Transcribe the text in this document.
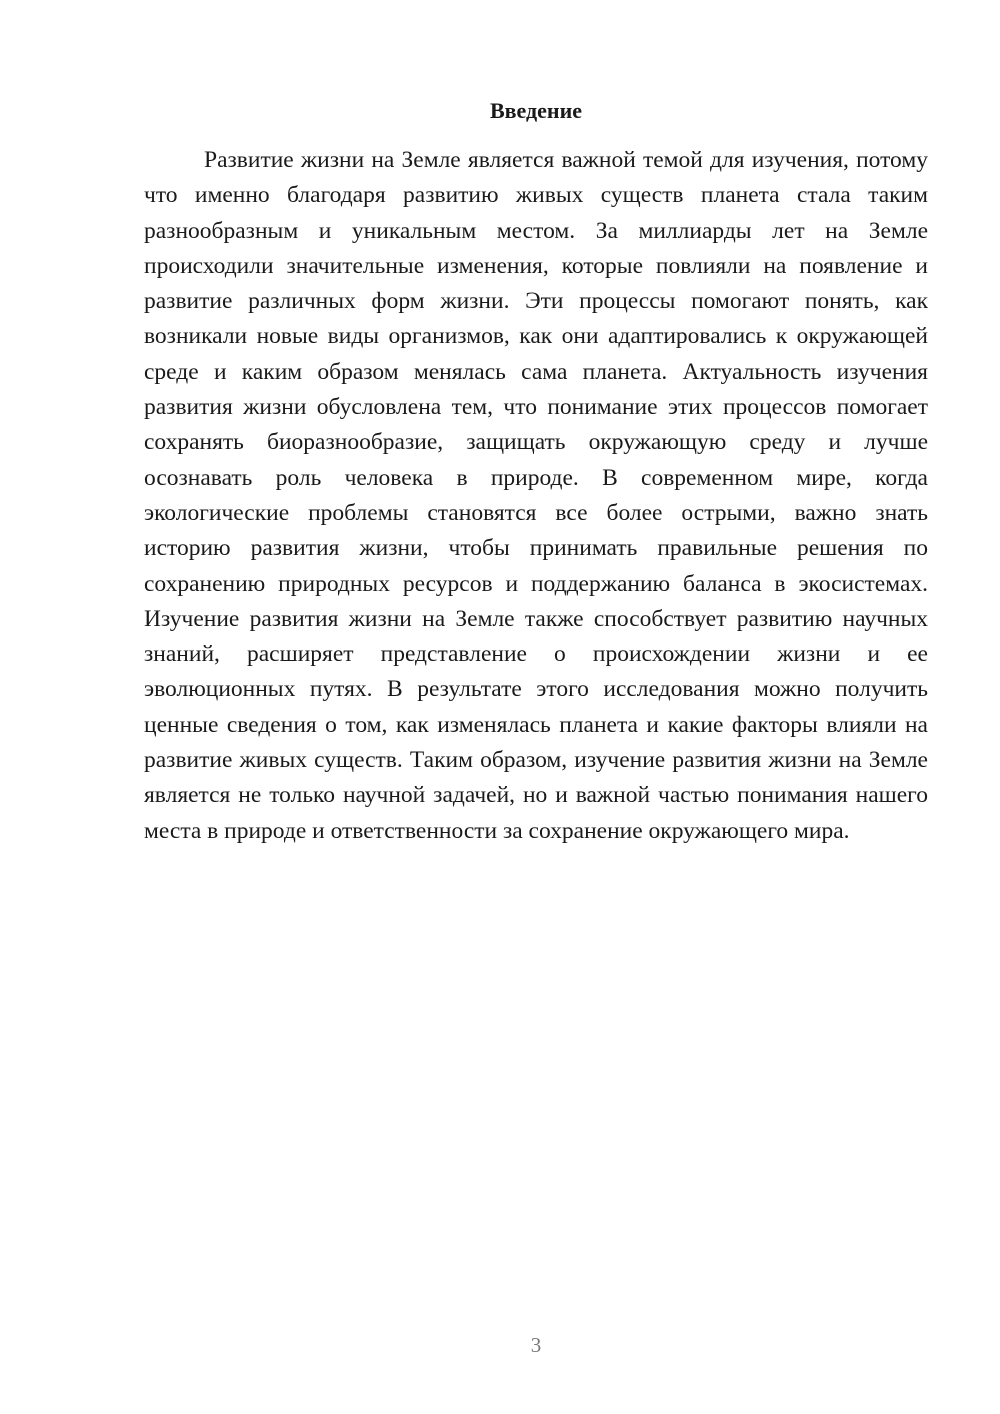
Введение

Развитие жизни на Земле является важной темой для изучения, потому что именно благодаря развитию живых существ планета стала таким разнообразным и уникальным местом. За миллиарды лет на Земле происходили значительные изменения, которые повлияли на появление и развитие различных форм жизни. Эти процессы помогают понять, как возникали новые виды организмов, как они адаптировались к окружающей среде и каким образом менялась сама планета. Актуальность изучения развития жизни обусловлена тем, что понимание этих процессов помогает сохранять биоразнообразие, защищать окружающую среду и лучше осознавать роль человека в природе. В современном мире, когда экологические проблемы становятся все более острыми, важно знать историю развития жизни, чтобы принимать правильные решения по сохранению природных ресурсов и поддержанию баланса в экосистемах. Изучение развития жизни на Земле также способствует развитию научных знаний, расширяет представление о происхождении жизни и ее эволюционных путях. В результате этого исследования можно получить ценные сведения о том, как изменялась планета и какие факторы влияли на развитие живых существ. Таким образом, изучение развития жизни на Земле является не только научной задачей, но и важной частью понимания нашего места в природе и ответственности за сохранение окружающего мира.

3
